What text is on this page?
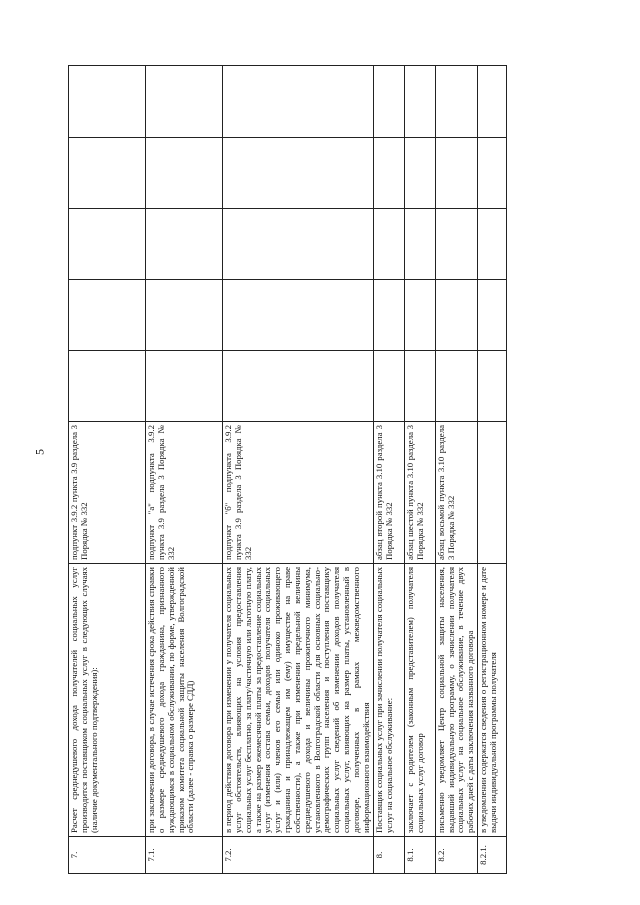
5
7.	Расчет среднедушевого дохода получателей социальных услуг производится поставщиком социальных услуг в следующих случаях (наличие документального подтверждения):	подпункт 3.9.2 пункта 3.9 раздела 3 Порядка № 332					
7.1.	при заключении договора, в случае истечения срока действия справки о размере среднедушевого дохода гражданина, признанного нуждающимся в социальном обслуживании, по форме, утвержденной приказом комитета социальной защиты населения Волгоградской области (далее - справка о размере СДД)	подпункт "а" подпункта 3.9.2 пункта 3.9 раздела 3 Порядка № 332					
7.2.	в период действия договора при изменении у получателя социальных услуг обстоятельств, влияющих на условия предоставления социальных услуг бесплатно, за плату/частичную или льготную плату, а также на размер ежемесячной платы за предоставление социальных услуг (изменения состава семьи, доходов получателя социальных услуг и (или) членов его семьи или одиноко проживающего гражданина и принадлежащем им (ему) имуществе на праве собственности), а также при изменении предельной величины среднедушевого дохода и величины прожиточного минимума, установленного в Волгоградской области для основных социально-демографических групп населения и поступления поставщику социальных услуг сведений об изменении доходов получателя социальных услуг, влияющих на размер платы, установленный в договоре, полученных в рамках межведомственного информационного взаимодействия	подпункт "б" подпункта 3.9.2 пункта 3.9 раздела 3 Порядка № 332					
8.	Поставщик социальных услуг при зачислении получателя социальных услуг на социальное обслуживание:	абзац второй пункта 3.10 раздела 3 Порядка № 332					
8.1.	заключает с родителем (законным представителем) получателя социальных услуг договор	абзац шестой пункта 3.10 раздела 3 Порядка № 332					
8.2.	письменно уведомляет Центр социальной защиты населения, выдавший индивидуальную программу, о зачислении получателя социальных услуг на социальное обслуживание, в течение двух рабочих дней с даты заключения названного договора	абзац восьмой пункта 3.10 раздела 3 Порядка № 332					
8.2.1.	в уведомлении содержатся сведения о регистрационном номере и дате выдачи индивидуальной программы получателя						
